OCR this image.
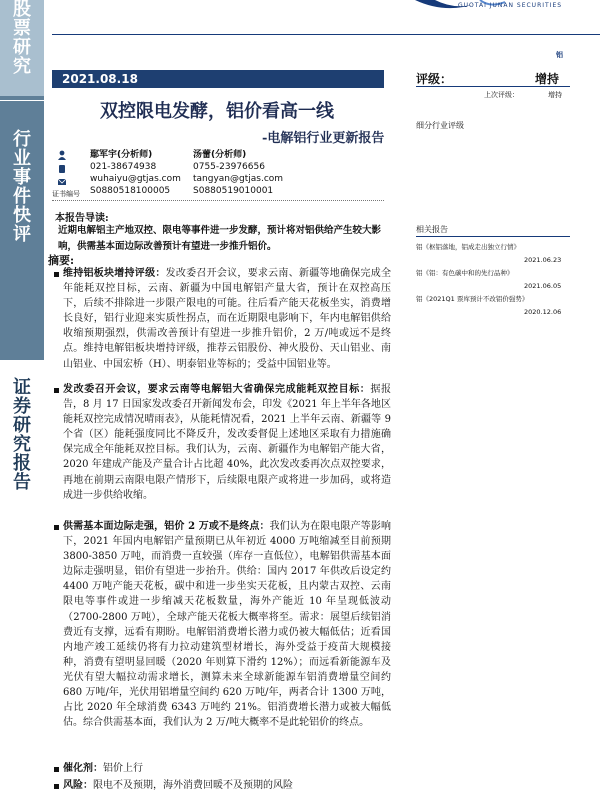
股
票
研
究
行
业
事
件
快
评
证
券
研
究
报
告
GUOTAI JUNAN SECURITIES
铝
2021.08.18
双控限电发酵，铝价看高一线
-电解铝行业更新报告
鄢军宇(分析师)
021-38674938
wuhaiyu@gtjas.com
S0880518100005
汤蕾(分析师)
0755-23976656
tangyan@gtjas.com
S0880519010001
证书编号
本报告导读:
近期电解铝主产地双控、限电等事件进一步发酵，预计将对铝供给产生较大影响，供需基本面边际改善预计有望进一步推升铝价。
摘要:
维持铝板块增持评级：发改委召开会议，要求云南、新疆等地确保完成全年能耗双控目标，云南、新疆为中国电解铝产量大省，预计在双控高压下，后续不排除进一步限产限电的可能。往后看产能天花板坐实，消费增长良好，铝行业迎来实质性拐点，而在近期限电影响下，年内电解铝供给收缩预期强烈，供需改善预计有望进一步推升铝价，2 万/吨或远不是终点。维持电解铝板块增持评级，推荐云铝股份、神火股份、天山铝业、南山铝业、中国宏桥（H）、明泰铝业等标的；受益中国铝业等。
发改委召开会议，要求云南等电解铝大省确保完成能耗双控目标：据报告，8 月 17 日国家发改委召开新闻发布会，印发《2021 年上半年各地区能耗双控完成情况晴雨表》，从能耗情况看，2021 上半年云南、新疆等 9 个省（区）能耗强度同比不降反升，发改委督促上述地区采取有力措施确保完成全年能耗双控目标。我们认为，云南、新疆作为电解铝产能大省，2020 年建成产能及产量合计占比超 40%，此次发改委再次点双控要求，再地在前期云南限电限产情形下，后续限电限产或将进一步加码，或将造成进一步供给收缩。
供需基本面边际走强，铝价 2 万或不是终点：我们认为在限电限产等影响下，2021 年国内电解铝产量预期已从年初近 4000 万吨缩减至目前预期 3800-3850 万吨，而消费一直较强（库存一直低位），电解铝供需基本面边际走强明显，铝价有望进一步抬升。供给：国内 2017 年供改后设定约 4400 万吨产能天花板，碳中和进一步坐实天花板，且内蒙古双控、云南限电等事件或进一步缩减天花板数量，海外产能近 10 年呈现低波动（2700-2800 万吨），全球产能天花板大概率将至。需求：展望后续铝消费近有支撑，远看有期盼。电解铝消费增长潜力或仍被大幅低估；近看国内地产竣工延续仍将有力拉动建筑型材增长，海外受益于疫苗大规模接种，消费有望明显回暖（2020 年则算下滑约 12%）；而远看新能源车及光伏有望大幅拉动需求增长，测算未来全球新能源车铝消费增量空间约 680 万吨/年，光伏用铝增量空间约 620 万吨/年，两者合计 1300 万吨，占比 2020 年全球消费 6343 万吨约 21%。铝消费增长潜力或被大幅低估。综合供需基本面，我们认为 2 万/吨大概率不是此轮铝价的终点。
催化剂：铝价上行
风险：限电不及预期，海外消费回暖不及预期的风险
评级：	增持
上次评级：	增持
细分行业评级
相关报告
铝《枢铝落地，铝成走出独立行情》
2021.06.23
铝《铝：有色碳中和的先行品种》
2021.06.05
铝《2021Q1 票库预计不改铝价强势》
2020.12.06
